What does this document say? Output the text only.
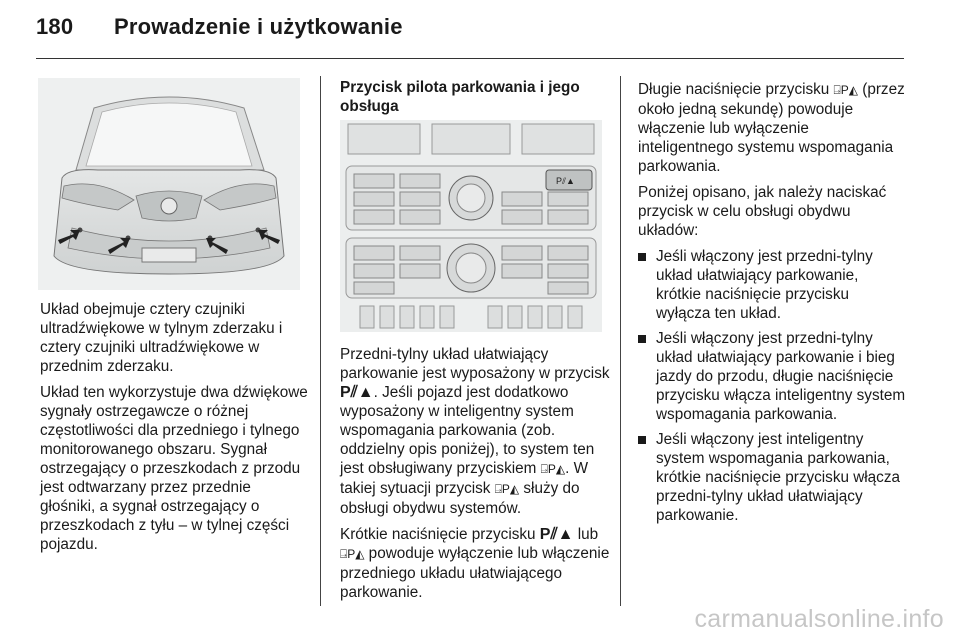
180 Prowadzenie i użytkowanie

Układ obejmuje cztery czujniki ultradźwiękowe w tylnym zderzaku i cztery czujniki ultradźwiękowe w przednim zderzaku.

Układ ten wykorzystuje dwa dźwiękowe sygnały ostrzegawcze o różnej częstotliwości dla przedniego i tylnego monitorowanego obszaru. Sygnał ostrzegający o przeszkodach z przodu jest odtwarzany przez przednie głośniki, a sygnał ostrzegający o przeszkodach z tyłu – w tylnej części pojazdu.

Przycisk pilota parkowania i jego obsługa
P⫽▲

Przedni-tylny układ ułatwiający parkowanie jest wyposażony w przycisk P⫽▲. Jeśli pojazd jest dodatkowo wyposażony w inteligentny system wspomagania parkowania (zob. oddzielny opis poniżej), to system ten jest obsługiwany przyciskiem ⍈P◭. W takiej sytuacji przycisk ⍈P◭ służy do obsługi obydwu systemów.

Krótkie naciśnięcie przycisku P⫽▲ lub ⍈P◭ powoduje wyłączenie lub włączenie przedniego układu ułatwiającego parkowanie.

Długie naciśnięcie przycisku ⍈P◭ (przez około jedną sekundę) powoduje włączenie lub wyłączenie inteligentnego systemu wspomagania parkowania.

Poniżej opisano, jak należy naciskać przycisk w celu obsługi obydwu układów:

Jeśli włączony jest przedni-tylny układ ułatwiający parkowanie, krótkie naciśnięcie przycisku wyłącza ten układ.
Jeśli włączony jest przedni-tylny układ ułatwiający parkowanie i bieg jazdy do przodu, długie naciśnięcie przycisku włącza inteligentny system wspomagania parkowania.
Jeśli włączony jest inteligentny system wspomagania parkowania, krótkie naciśnięcie przycisku włącza przedni-tylny układ ułatwiający parkowanie.
carmanualsonline.info
